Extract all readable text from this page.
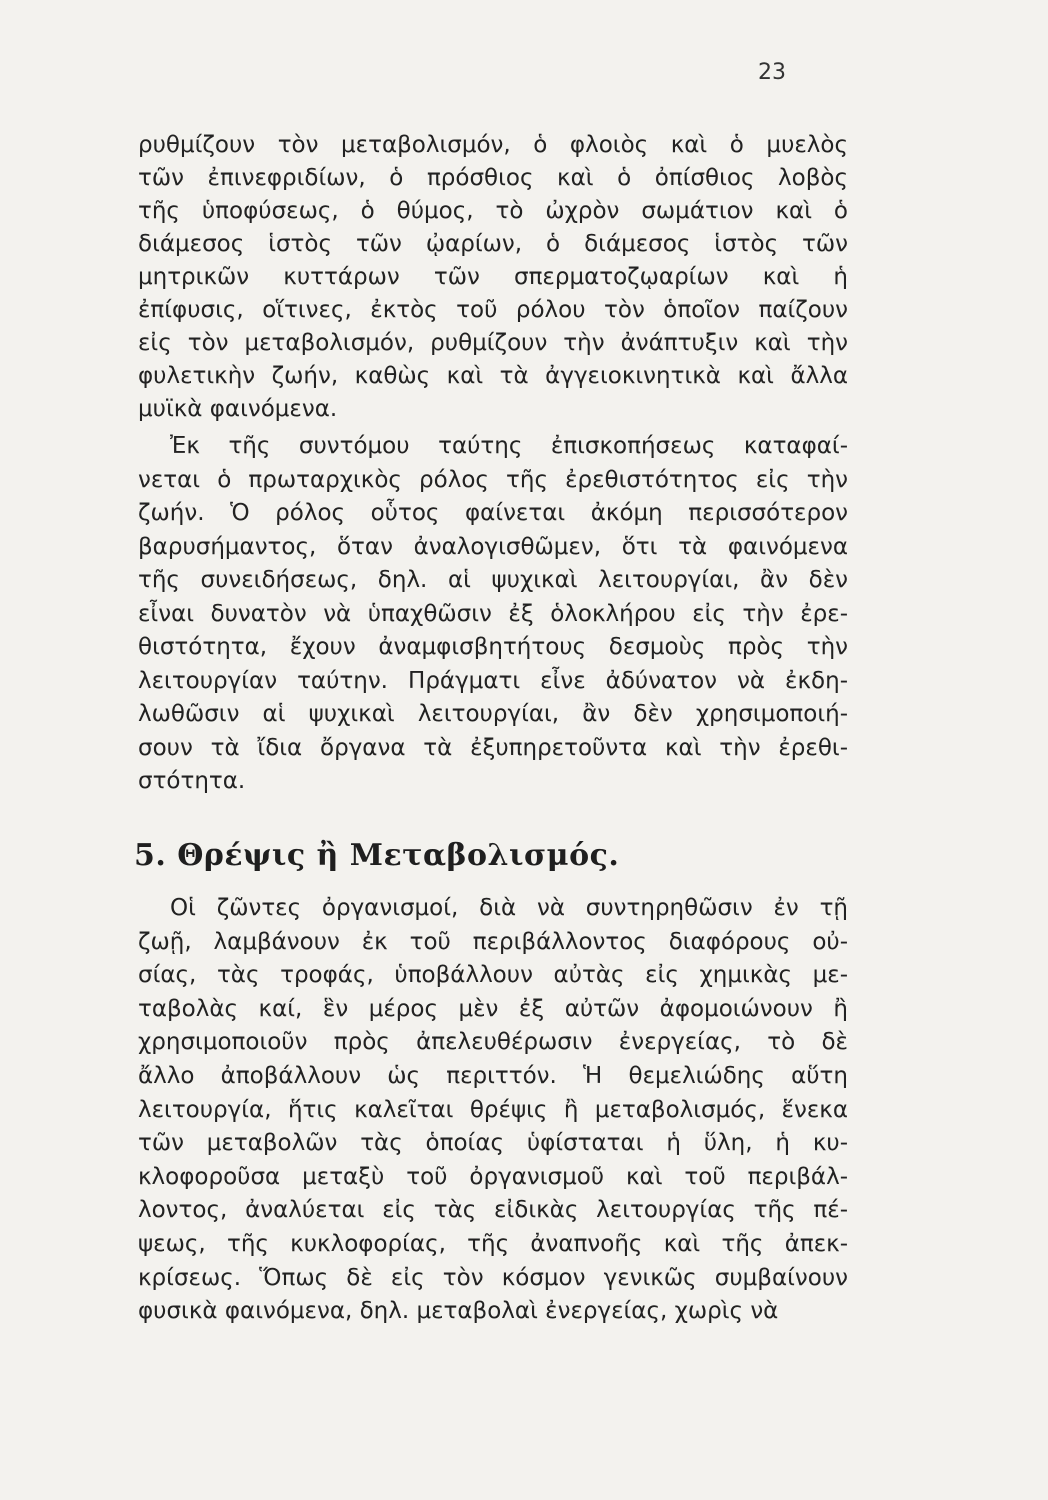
23
ρυθμίζουν τὸν μεταβολισμόν, ὁ φλοιὸς καὶ ὁ μυελὸς
τῶν ἐπινεφριδίων, ὁ πρόσθιος καὶ ὁ ὀπίσθιος λοβὸς
τῆς ὑποφύσεως, ὁ θύμος, τὸ ὠχρὸν σωμάτιον καὶ ὁ
διάμεσος ἱστὸς τῶν ᾠαρίων, ὁ διάμεσος ἱστὸς τῶν
μητρικῶν κυττάρων τῶν σπερματοζῳαρίων καὶ ἡ
ἐπίφυσις, οἵτινες, ἐκτὸς τοῦ ρόλου τὸν ὁποῖον παίζουν
εἰς τὸν μεταβολισμόν, ρυθμίζουν τὴν ἀνάπτυξιν καὶ τὴν
φυλετικὴν ζωήν, καθὼς καὶ τὰ ἀγγειοκινητικὰ καὶ ἄλλα
μυϊκὰ φαινόμενα.
Ἐκ τῆς συντόμου ταύτης ἐπισκοπήσεως καταφαί-
νεται ὁ πρωταρχικὸς ρόλος τῆς ἐρεθιστότητος εἰς τὴν
ζωήν. Ὁ ρόλος οὗτος φαίνεται ἀκόμη περισσότερον
βαρυσήμαντος, ὅταν ἀναλογισθῶμεν, ὅτι τὰ φαινόμενα
τῆς συνειδήσεως, δηλ. αἱ ψυχικαὶ λειτουργίαι, ἂν δὲν
εἶναι δυνατὸν νὰ ὑπαχθῶσιν ἐξ ὁλοκλήρου εἰς τὴν ἐρε-
θιστότητα, ἔχουν ἀναμφισβητήτους δεσμοὺς πρὸς τὴν
λειτουργίαν ταύτην. Πράγματι εἶνε ἀδύνατον νὰ ἐκδη-
λωθῶσιν αἱ ψυχικαὶ λειτουργίαι, ἂν δὲν χρησιμοποιή-
σουν τὰ ἴδια ὄργανα τὰ ἐξυπηρετοῦντα καὶ τὴν ἐρεθι-
στότητα.
Οἱ ζῶντες ὀργανισμοί, διὰ νὰ συντηρηθῶσιν ἐν τῇ
ζωῇ, λαμβάνουν ἐκ τοῦ περιβάλλοντος διαφόρους οὐ-
σίας, τὰς τροφάς, ὑποβάλλουν αὐτὰς εἰς χημικὰς με-
ταβολὰς καί, ἓν μέρος μὲν ἐξ αὐτῶν ἀφομοιώνουν ἢ
χρησιμοποιοῦν πρὸς ἀπελευθέρωσιν ἐνεργείας, τὸ δὲ
ἄλλο ἀποβάλλουν ὡς περιττόν. Ἡ θεμελιώδης αὕτη
λειτουργία, ἥτις καλεῖται θρέψις ἢ μεταβολισμός, ἕνεκα
τῶν μεταβολῶν τὰς ὁποίας ὑφίσταται ἡ ὕλη, ἡ κυ-
κλοφοροῦσα μεταξὺ τοῦ ὀργανισμοῦ καὶ τοῦ περιβάλ-
λοντος, ἀναλύεται εἰς τὰς εἰδικὰς λειτουργίας τῆς πέ-
ψεως, τῆς κυκλοφορίας, τῆς ἀναπνοῆς καὶ τῆς ἀπεκ-
κρίσεως. Ὅπως δὲ εἰς τὸν κόσμον γενικῶς συμβαίνουν
φυσικὰ φαινόμενα, δηλ. μεταβολαὶ ἐνεργείας, χωρὶς νὰ
5. Θρέψις ἢ Μεταβολισμός.
